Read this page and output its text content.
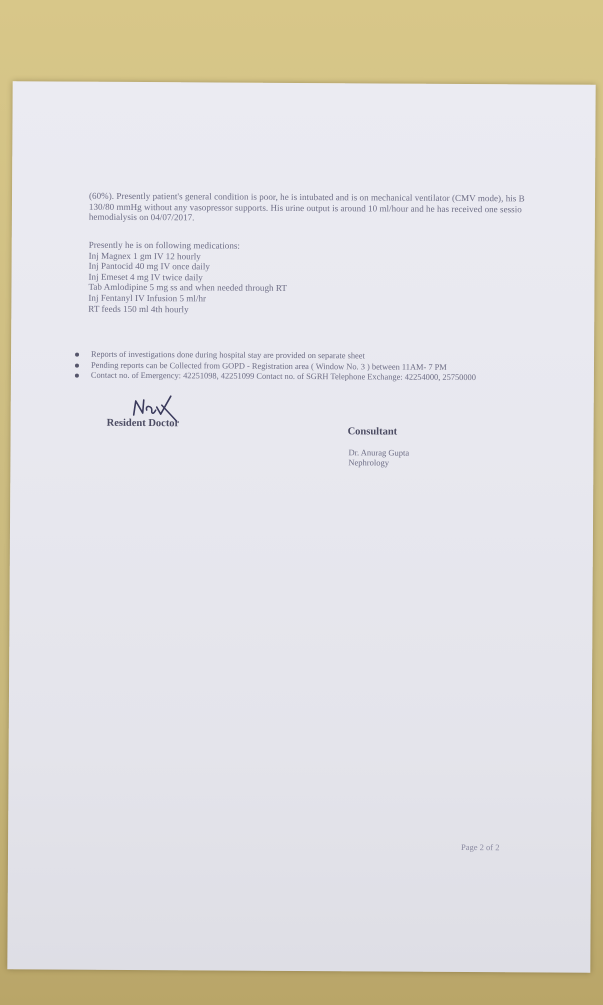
(60%). Presently patient's general condition is poor, he is intubated and is on mechanical ventilator (CMV mode), his B
130/80 mmHg without any vasopressor supports. His urine output is around 10 ml/hour and he has received one sessio
hemodialysis on 04/07/2017.
Presently he is on following medications:
Inj Magnex 1 gm IV 12 hourly
Inj Pantocid 40 mg IV once daily
Inj Emeset 4 mg IV twice daily
Tab Amlodipine 5 mg ss and when needed through RT
Inj Fentanyl IV Infusion 5 ml/hr
RT feeds 150 ml 4th hourly
Reports of investigations done during hospital stay are provided on separate sheet
Pending reports can be Collected from GOPD - Registration area ( Window No. 3 ) between 11AM- 7 PM
Contact no. of Emergency: 42251098, 42251099 Contact no. of SGRH Telephone Exchange: 42254000, 25750000
Resident Doctor
Consultant
Dr. Anurag Gupta
Nephrology
Page 2 of 2
